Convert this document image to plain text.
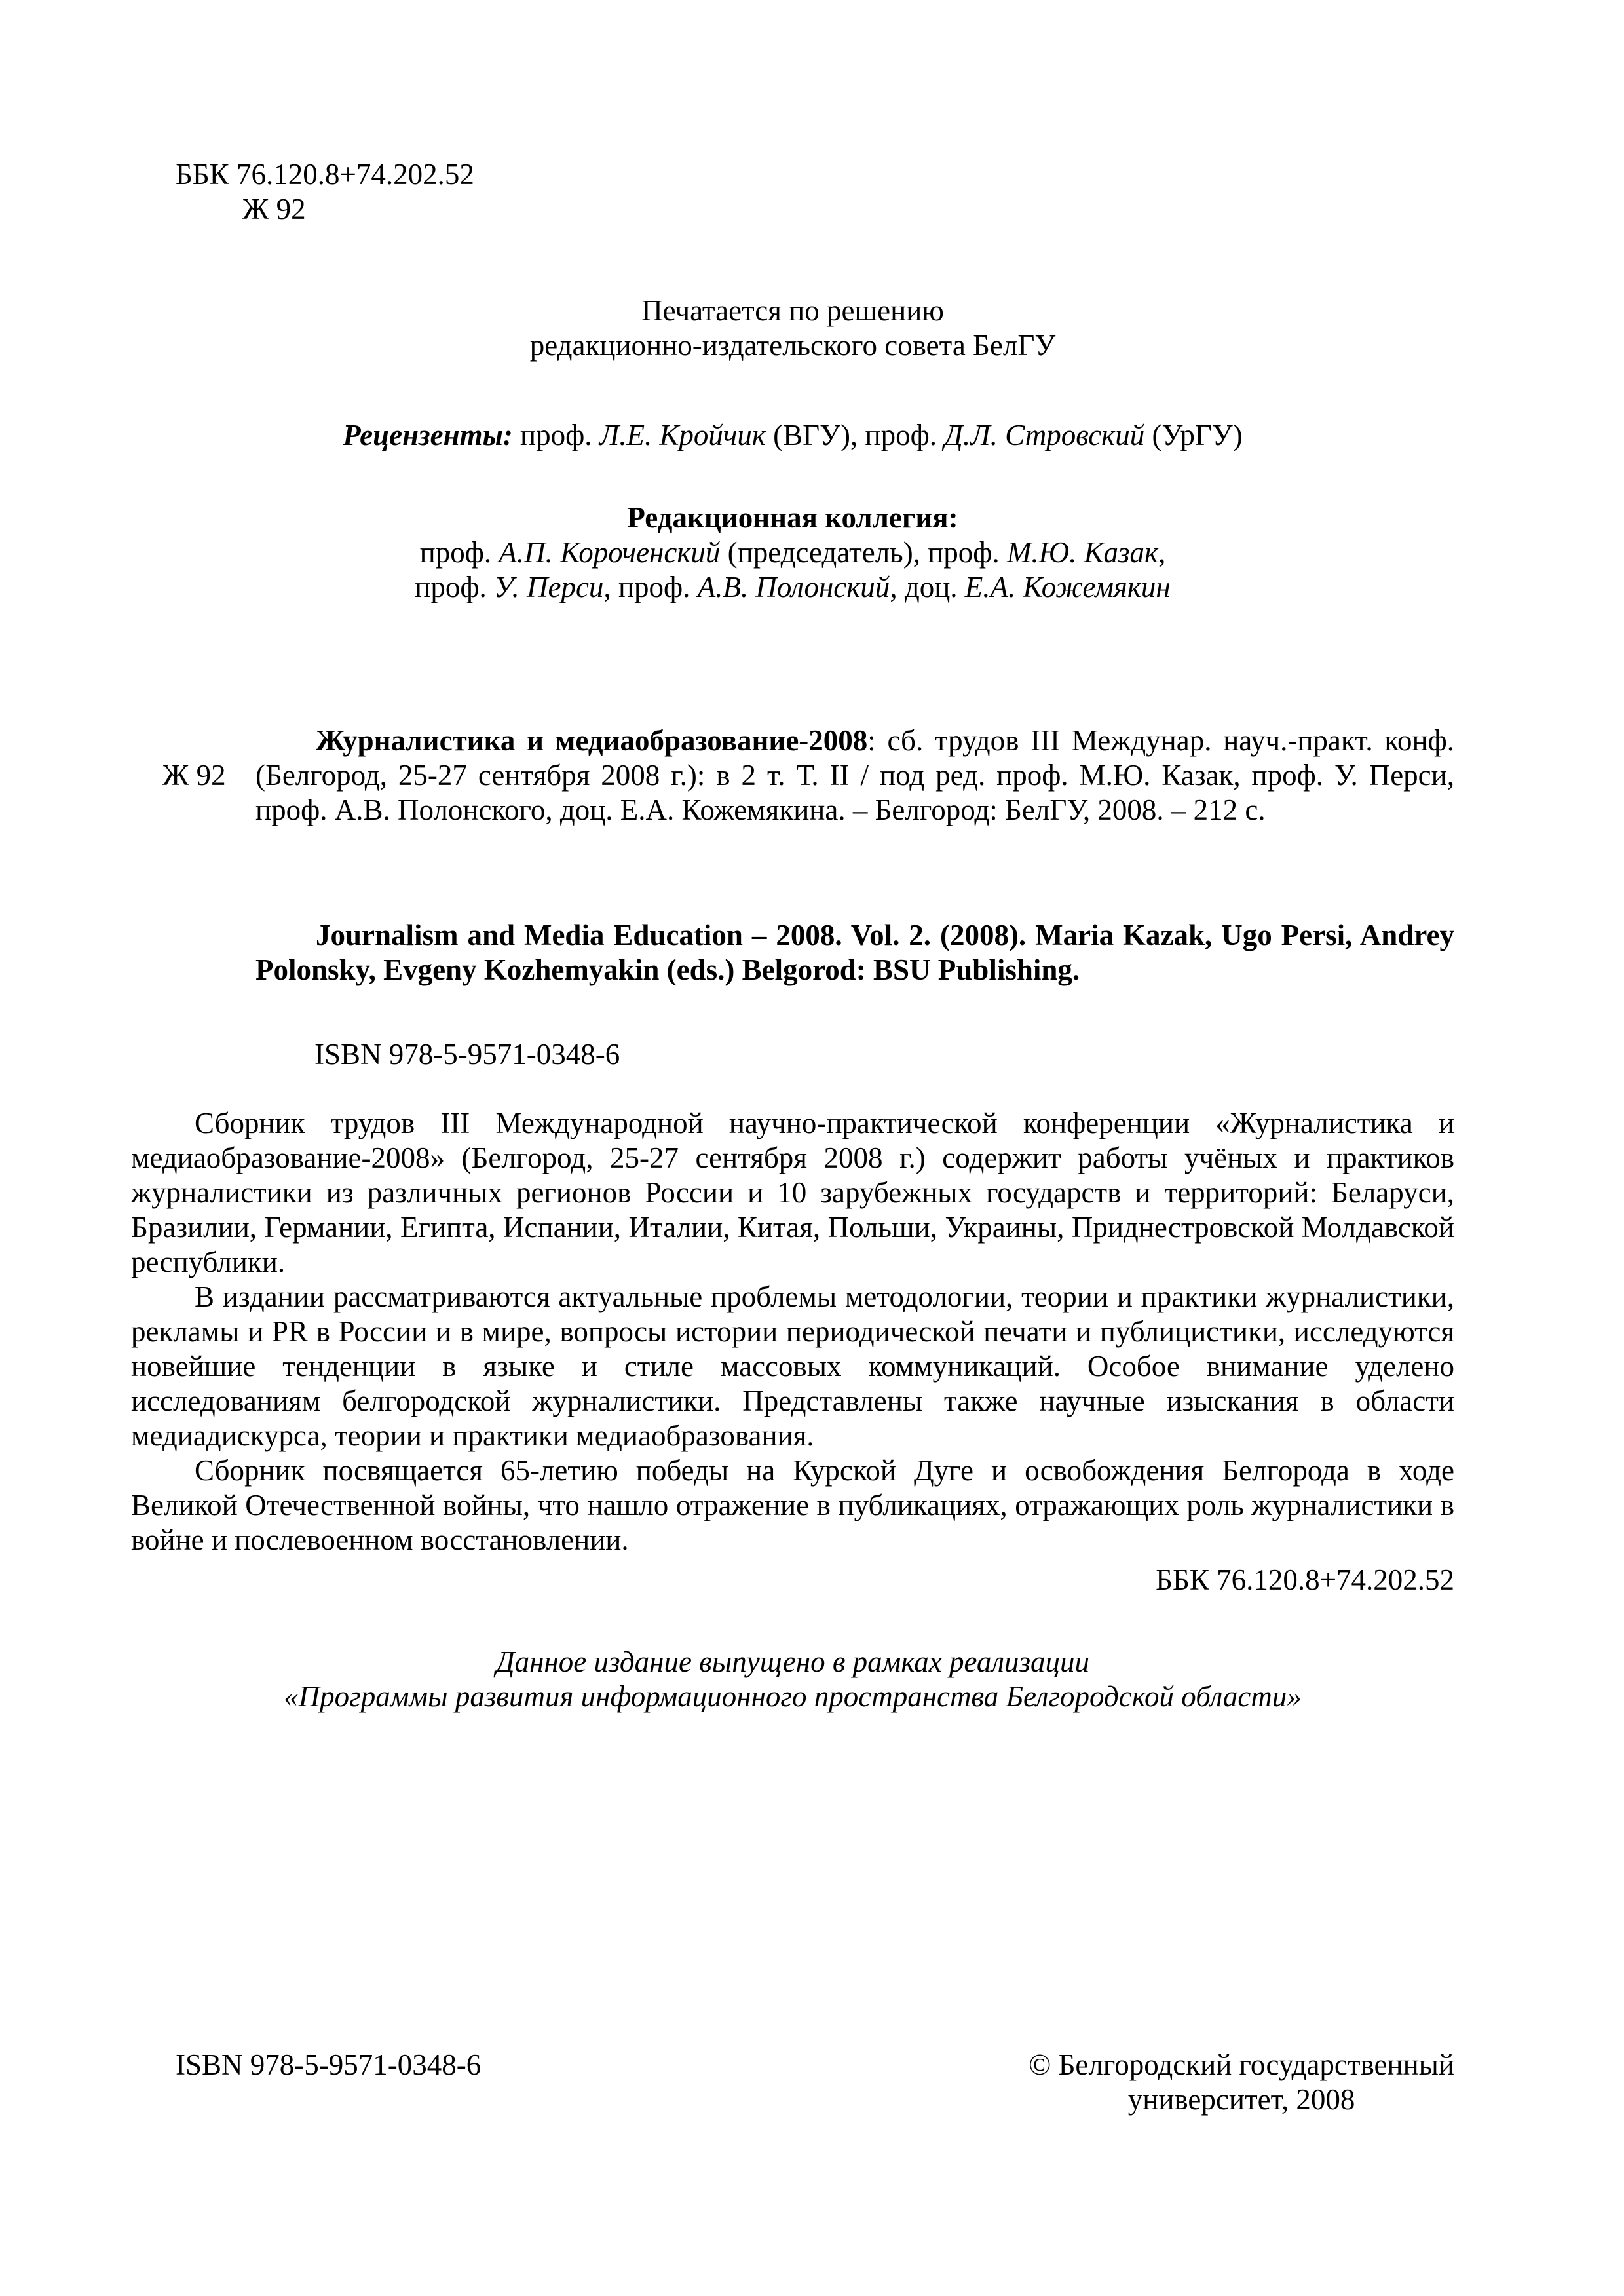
ББК 76.120.8+74.202.52
Ж 92
Печатается по решению
редакционно-издательского совета БелГУ
Рецензенты: проф. Л.Е. Кройчик (ВГУ), проф. Д.Л. Стровский (УрГУ)
Редакционная коллегия:
проф. А.П. Короченский (председатель), проф. М.Ю. Казак,
проф. У. Перси, проф. А.В. Полонский, доц. Е.А. Кожемякин
Ж 92

Журналистика и медиаобразование-2008: сб. трудов III Междунар. науч.-практ. конф. (Белгород, 25-27 сентября 2008 г.): в 2 т. Т. II / под ред. проф. М.Ю. Казак, проф. У. Перси, проф. А.В. Полонского, доц. Е.А. Кожемякина. – Белгород: БелГУ, 2008. – 212 с.

Journalism and Media Education – 2008. Vol. 2. (2008). Maria Kazak, Ugo Persi, Andrey Polonsky, Evgeny Kozhemyakin (eds.) Belgorod: BSU Publishing.

ISBN 978-5-9571-0348-6

Сборник трудов III Международной научно-практической конференции «Журналистика и медиаобразование-2008» (Белгород, 25-27 сентября 2008 г.) содержит работы учёных и практиков журналистики из различных регионов России и 10 зарубежных государств и территорий: Беларуси, Бразилии, Германии, Египта, Испании, Италии, Китая, Польши, Украины, Приднестровской Молдавской республики.

В издании рассматриваются актуальные проблемы методологии, теории и практики журналистики, рекламы и PR в России и в мире, вопросы истории периодической печати и публицистики, исследуются новейшие тенденции в языке и стиле массовых коммуникаций. Особое внимание уделено исследованиям белгородской журналистики. Представлены также научные изыскания в области медиадискурса, теории и практики медиаобразования.

Сборник посвящается 65-летию победы на Курской Дуге и освобождения Белгорода в ходе Великой Отечественной войны, что нашло отражение в публикациях, отражающих роль журналистики в войне и послевоенном восстановлении.

ББК 76.120.8+74.202.52
Данное издание выпущено в рамках реализации
«Программы развития информационного пространства Белгородской области»
ISBN 978-5-9571-0348-6	© Белгородский государственный
университет, 2008
